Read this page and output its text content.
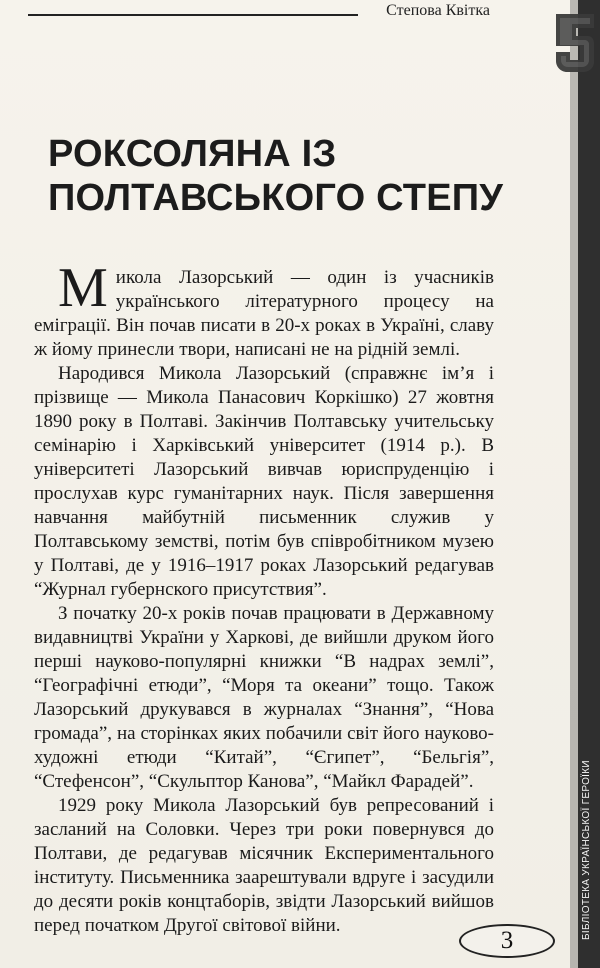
Степова Квітка
БІБЛІОТЕКА УКРАЇНСЬКОЇ ГЕРОЇКИ
РОКСОЛЯНА ІЗ
ПОЛТАВСЬКОГО СТЕПУ

М икола Лазорський — один із учасників українського літературного процесу на еміграції. Він почав писати в 20-х роках в Україні, славу ж йому принесли твори, написані не на рідній землі.

Народився Микола Лазорський (справжнє ім’я і прізвище — Микола Панасович Коркішко) 27 жовтня 1890 року в Полтаві. Закінчив Полтавську учительську семінарію і Харківський університет (1914 р.). В університеті Лазорський вивчав юриспруденцію і прослухав курс гуманітарних наук. Після завершення навчання майбутній письменник служив у Полтавському земстві, потім був співробітником музею у Полтаві, де у 1916–1917 роках Лазорський редагував “Журнал губернского присутствия”.

З початку 20-х років почав працювати в Державному видавництві України у Харкові, де вийшли друком його перші науково-популярні книжки “В надрах землі”, “Географічні етюди”, “Моря та океани” тощо. Також Лазорський друкувався в журналах “Знання”, “Нова громада”, на сторінках яких побачили світ його науково-художні етюди “Китай”, “Єгипет”, “Бельгія”, “Стефенсон”, “Скульптор Канова”, “Майкл Фарадей”.

1929 року Микола Лазорський був репресований і засланий на Соловки. Через три роки повернувся до Полтави, де редагував місячник Експериментального інституту. Письменника заарештували вдруге і засудили до десяти років концтаборів, звідти Лазорський вийшов перед початком Другої світової війни.

3
